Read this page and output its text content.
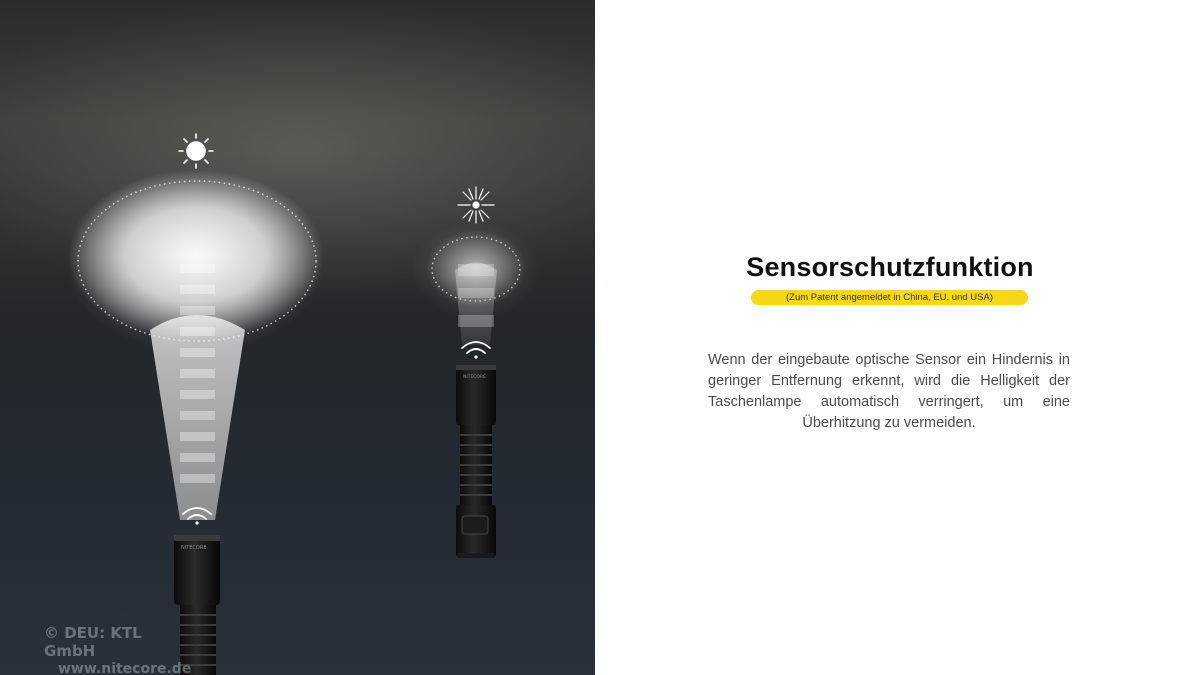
NITECORE
NITECORE
© DEU: KTL GmbH
www.nitecore.de
Sensorschutzfunktion
(Zum Patent angemeldet in China, EU, und USA)
Wenn der eingebaute optische Sensor ein Hindernis in geringer Entfernung erkennt, wird die Helligkeit der Taschenlampe automatisch verringert, um eine Überhitzung zu vermeiden.
